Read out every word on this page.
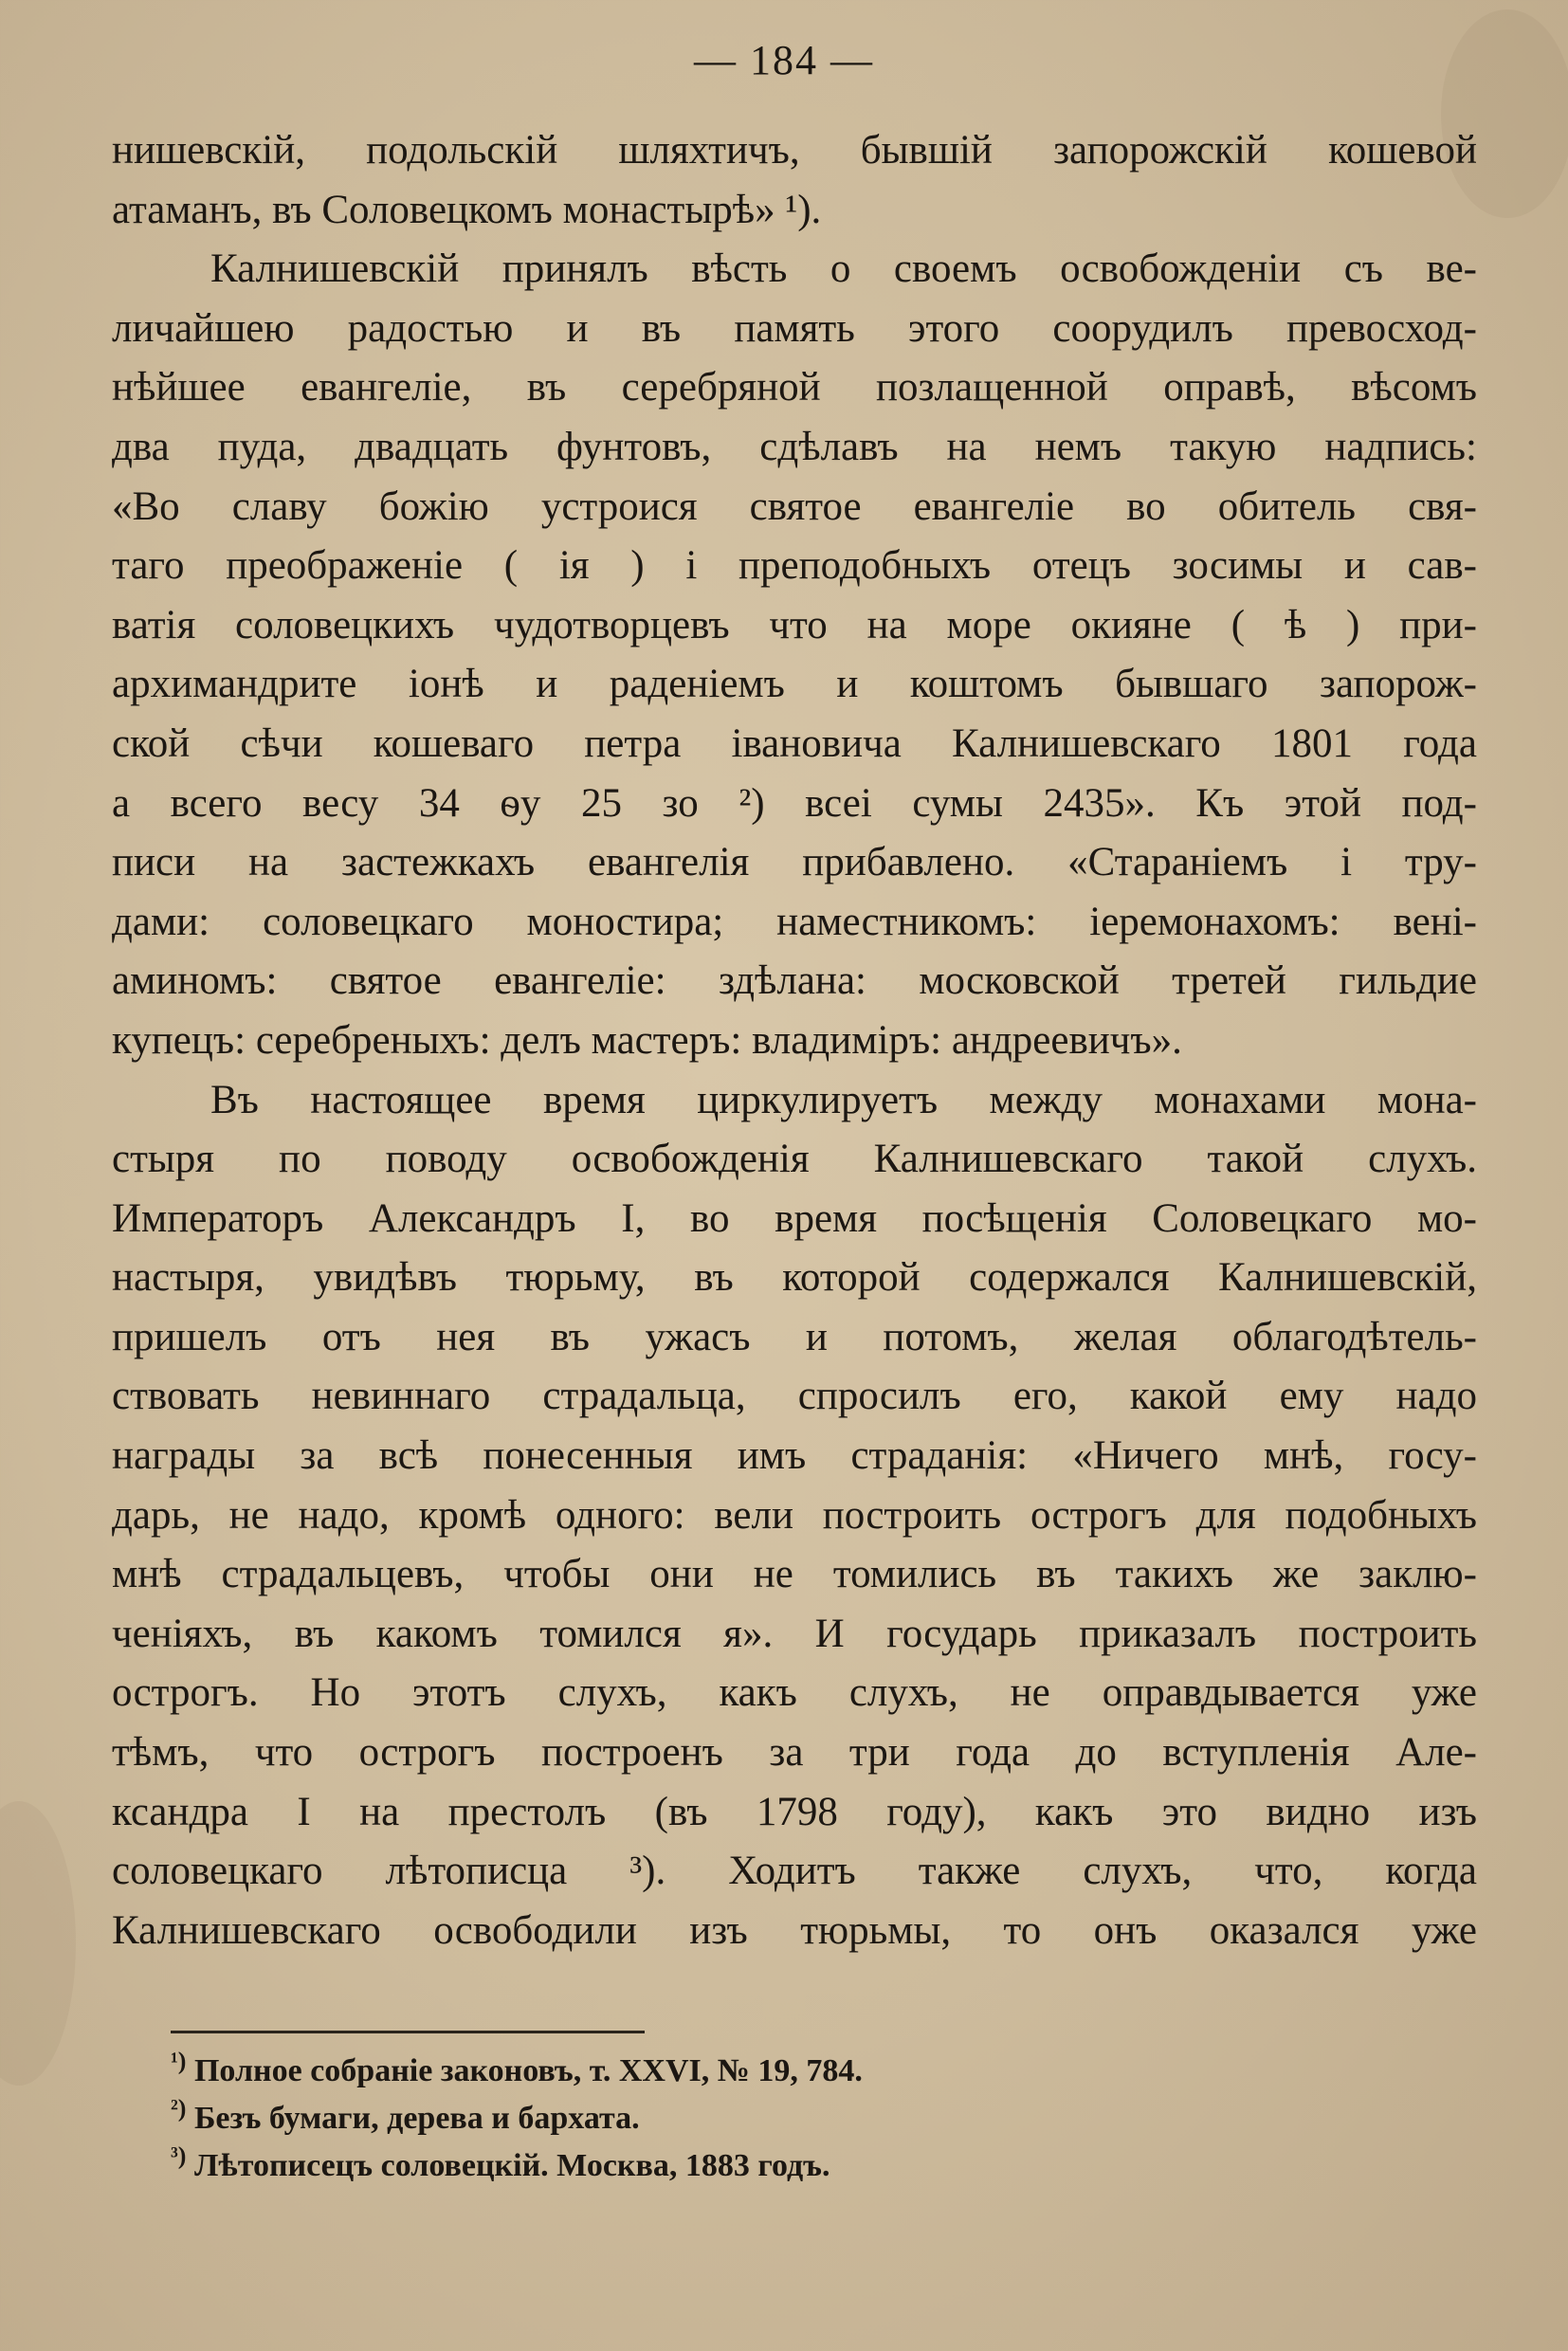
— 184 —
нишевскій, подольскій шляхтичъ, бывшій запорожскій кошевой
атаманъ, въ Соловецкомъ монастырѣ» ¹).
Калнишевскій принялъ вѣсть о своемъ освобожденіи съ ве-
личайшею радостью и въ память этого соорудилъ превосход-
нѣйшее евангеліе, въ серебряной позлащенной оправѣ, вѣсомъ
два пуда, двадцать фунтовъ, сдѣлавъ на немъ такую надпись:
«Во славу божію устроися святое евангеліе во обитель свя-
таго преображеніе ( ія ) і преподобныхъ отецъ зосимы и сав-
ватія соловецкихъ чудотворцевъ что на море окияне ( ѣ ) при-
архимандрите іонѣ и раденіемъ и коштомъ бывшаго запорож-
ской сѣчи кошеваго петра івановича Калнишевскаго 1801 года
а всего весу 34 ѳу 25 зо ²) всеі сумы 2435». Къ этой под-
писи на застежкахъ евангелія прибавлено. «Стараніемъ і тру-
дами: соловецкаго моностира; наместникомъ: іеремонахомъ: вені-
аминомъ: святое евангеліе: здѣлана: московской третей гильдие
купецъ: серебреныхъ: делъ мастеръ: владиміръ: андреевичъ».
Въ настоящее время циркулируетъ между монахами мона-
стыря по поводу освобожденія Калнишевскаго такой слухъ.
Императоръ Александръ I, во время посѣщенія Соловецкаго мо-
настыря, увидѣвъ тюрьму, въ которой содержался Калнишевскій,
пришелъ отъ нея въ ужасъ и потомъ, желая облагодѣтель-
ствовать невиннаго страдальца, спросилъ его, какой ему надо
награды за всѣ понесенныя имъ страданія: «Ничего мнѣ, госу-
дарь, не надо, кромѣ одного: вели построить острогъ для подобныхъ
мнѣ страдальцевъ, чтобы они не томились въ такихъ же заклю-
ченіяхъ, въ какомъ томился я». И государь приказалъ построить
острогъ. Но этотъ слухъ, какъ слухъ, не оправдывается уже
тѣмъ, что острогъ построенъ за три года до вступленія Але-
ксандра I на престолъ (въ 1798 году), какъ это видно изъ
соловецкаго лѣтописца ³). Ходитъ также слухъ, что, когда
Калнишевскаго освободили изъ тюрьмы, то онъ оказался уже
$^{^1)}$ Полное собраніе законовъ, т. XXVI, № 19, 784.
$^{^2)}$ Безъ бумаги, дерева и бархата.
$^{^3)}$ Лѣтописецъ соловецкій. Москва, 1883 годъ.
